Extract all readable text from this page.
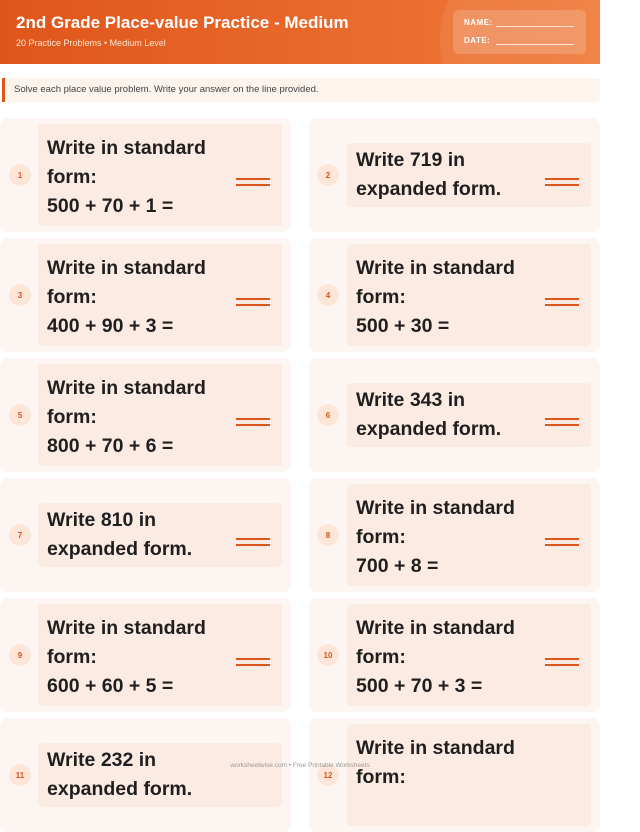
2nd Grade Place-value Practice - Medium
20 Practice Problems • Medium Level
NAME:
DATE:
Solve each place value problem. Write your answer on the line provided.
1
Write in standard
form:
500 + 70 + 1 =
2
Write 719 in
expanded form.
3
Write in standard
form:
400 + 90 + 3 =
4
Write in standard
form:
500 + 30 =
5
Write in standard
form:
800 + 70 + 6 =
6
Write 343 in
expanded form.
7
Write 810 in
expanded form.
8
Write in standard
form:
700 + 8 =
9
Write in standard
form:
600 + 60 + 5 =
10
Write in standard
form:
500 + 70 + 3 =
11
Write 232 in
expanded form.
12
Write in standard
form:
worksheetwise.com • Free Printable Worksheets
